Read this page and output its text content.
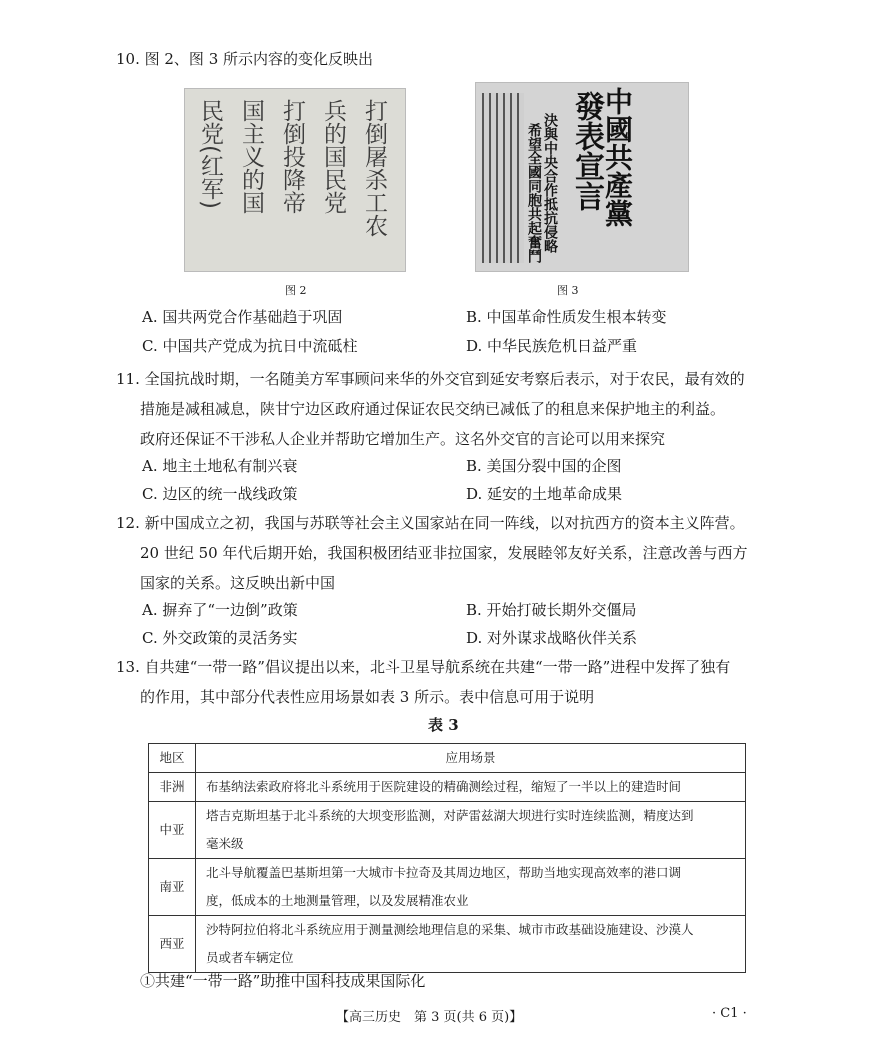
10. 图 2、图 3 所示内容的变化反映出
打倒屠杀工农
兵的国民党
打倒投降帝
国主义的国
民党(红军)
图 2
中國共產黨
發表宣言
決與中央合作抵抗侵略
希望全國同胞共起奮鬥
图 3
A. 国共两党合作基础趋于巩固	B. 中国革命性质发生根本转变
C. 中国共产党成为抗日中流砥柱	D. 中华民族危机日益严重
11. 全国抗战时期，一名随美方军事顾问来华的外交官到延安考察后表示，对于农民，最有效的
措施是减租减息，陕甘宁边区政府通过保证农民交纳已减低了的租息来保护地主的利益。
政府还保证不干涉私人企业并帮助它增加生产。这名外交官的言论可以用来探究
A. 地主土地私有制兴衰	B. 美国分裂中国的企图
C. 边区的统一战线政策	D. 延安的土地革命成果
12. 新中国成立之初，我国与苏联等社会主义国家站在同一阵线，以对抗西方的资本主义阵营。
20 世纪 50 年代后期开始，我国积极团结亚非拉国家，发展睦邻友好关系，注意改善与西方
国家的关系。这反映出新中国
A. 摒弃了“一边倒”政策	B. 开始打破长期外交僵局
C. 外交政策的灵活务实	D. 对外谋求战略伙伴关系
13. 自共建“一带一路”倡议提出以来，北斗卫星导航系统在共建“一带一路”进程中发挥了独有
的作用，其中部分代表性应用场景如表 3 所示。表中信息可用于说明
表 3
地区	应用场景
非洲	布基纳法索政府将北斗系统用于医院建设的精确测绘过程，缩短了一半以上的建造时间

中亚	塔吉克斯坦基于北斗系统的大坝变形监测，对萨雷兹湖大坝进行实时连续监测，精度达到
毫米级

南亚	北斗导航覆盖巴基斯坦第一大城市卡拉奇及其周边地区，帮助当地实现高效率的港口调
度，低成本的土地测量管理，以及发展精准农业

西亚	沙特阿拉伯将北斗系统应用于测量测绘地理信息的采集、城市市政基础设施建设、沙漠人
员或者车辆定位
①共建“一带一路”助推中国科技成果国际化
【高三历史　第 3 页(共 6 页)】	· C1 ·
